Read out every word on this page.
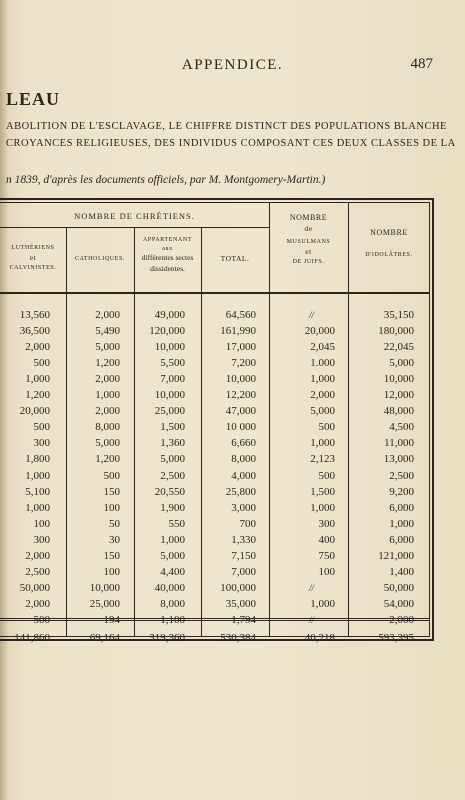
APPENDICE.	487
LEAU
ABOLITION DE L'ESCLAVAGE, LE CHIFFRE DISTINCT DES POPULATIONS BLANCHE
CROYANCES RELIGIEUSES, DES INDIVIDUS COMPOSANT CES DEUX CLASSES DE LA
n 1839, d'après les documents officiels, par M. Montgomery-Martin.)
NOMBRE DE CHRÉTIENS.
LUTHÉRIENS
et
CALVINISTES.
CATHOLIQUES.
APPARTENANT
aux
différentes sectes
dissidentes.
TOTAL.
NOMBRE
de
MUSULMANS
et
DE JUIFS.
NOMBRE
D'IDOLÂTRES.
13,560	2,000	49,000	64,560	//	35,150
36,500	5,490	120,000	161,990	20,000	180,000
2,000	5,000	10,000	17,000	2,045	22,045
500	1,200	5,500	7,200	1.000	5,000
1,000	2,000	7,000	10,000	1,000	10,000
1,200	1,000	10,000	12,200	2,000	12,000
20,000	2,000	25,000	47,000	5,000	48,000
500	8,000	1,500	10 000	500	4,500
300	5,000	1,360	6,660	1,000	11,000
1,800	1,200	5,000	8,000	2,123	13,000
1,000	500	2,500	4,000	500	2,500
5,100	150	20,550	25,800	1,500	9,200
1,000	100	1,900	3,000	1,000	6,000
100	50	550	700	300	1,000
300	30	1,000	1,330	400	6,000
2,000	150	5,000	7,150	750	121,000
2,500	100	4,400	7,000	100	1,400
50,000	10,000	40,000	100,000	//	50,000
2,000	25,000	8,000	35,000	1,000	54,000
500	194	1,100	1,794	//	2,000
141,860	69,164	319,360	530,384	40,218	593,395
